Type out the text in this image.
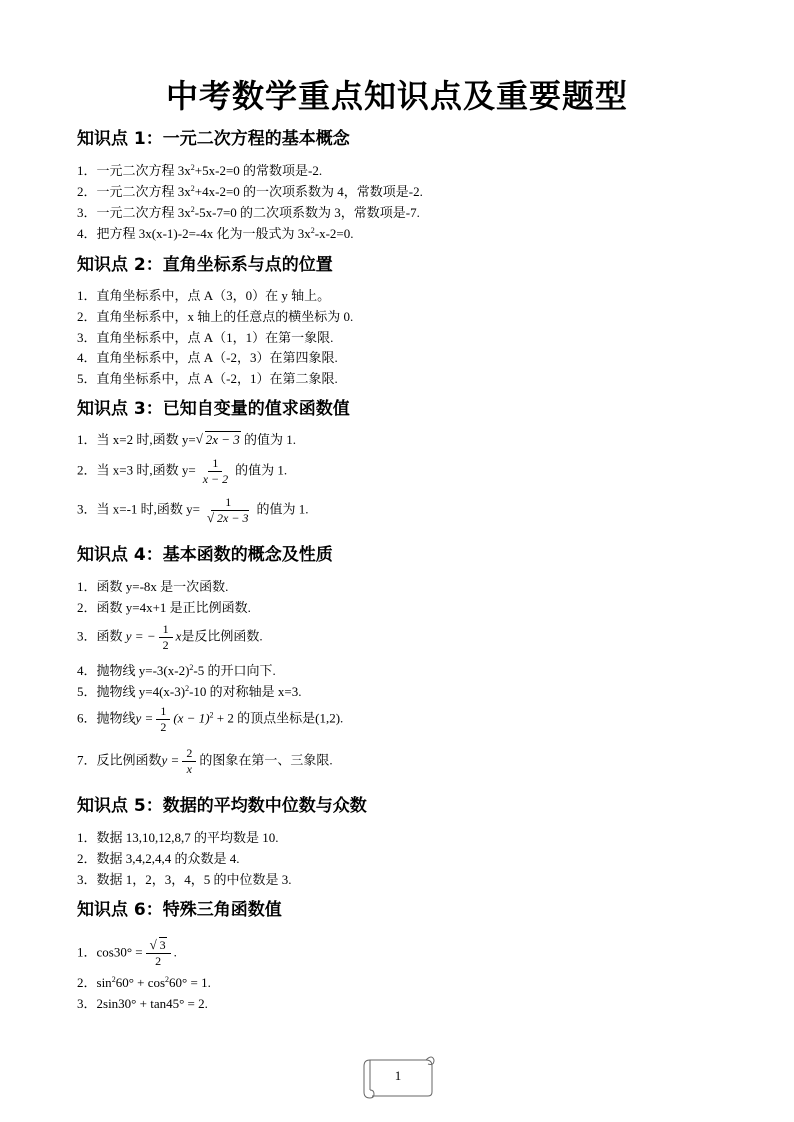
中考数学重点知识点及重要题型
知识点 1：一元二次方程的基本概念
1．一元二次方程 $3x^2+5x-2=0$ 的常数项是-2.
2．一元二次方程 $3x^2+4x-2=0$ 的一次项系数为 4，常数项是-2.
3．一元二次方程 $3x^2-5x-7=0$ 的二次项系数为 3，常数项是-7.
4．把方程 3x(x-1)-2=-4x 化为一般式为 $3x^2-x-2=0$.
知识点 2：直角坐标系与点的位置
1．直角坐标系中，点 A（3，0）在 y 轴上。
2．直角坐标系中，x 轴上的任意点的横坐标为 0.
3．直角坐标系中，点 A（1，1）在第一象限.
4．直角坐标系中，点 A（-2，3）在第四象限.
5．直角坐标系中，点 A（-2，1）在第二象限.
知识点 3：已知自变量的值求函数值
1．当 x=2 时,函数 y= √ 2x − 3 的值为 1.
2．当 x=3 时,函数 $y= \frac{1}{x - 2}$ 的值为 1.
3．当 x=-1 时,函数 y= 1
√ 2x − 3 的值为 1.
知识点 4：基本函数的概念及性质
1．函数 y=-8x 是一次函数.
2．函数 y=4x+1 是正比例函数.
3．函数 y = − $\frac{1}{2}$ x是反比例函数.
4．抛物线 $y=-3(x-2)^2-5$ 的开口向下.
5．抛物线 $y=4(x-3)^2-10$ 的对称轴是 x=3.
6．抛物线$y = \frac{1}{2} (x - 1)^2 + 2$ 的顶点坐标是(1,2).
7．反比例函数$y = \frac{2}{x}$ 的图象在第一、三象限.
知识点 5：数据的平均数中位数与众数
1．数据 13,10,12,8,7 的平均数是 10.
2．数据 3,4,2,4,4 的众数是 4.
3．数据 1，2，3，4，5 的中位数是 3.
知识点 6：特殊三角函数值
1．cos30° = √ $\frac{3}{2}$ .
2．$\sin^260^\circ + \cos^260^\circ = 1$.
3．2sin30° + tan45° = 2.
1
